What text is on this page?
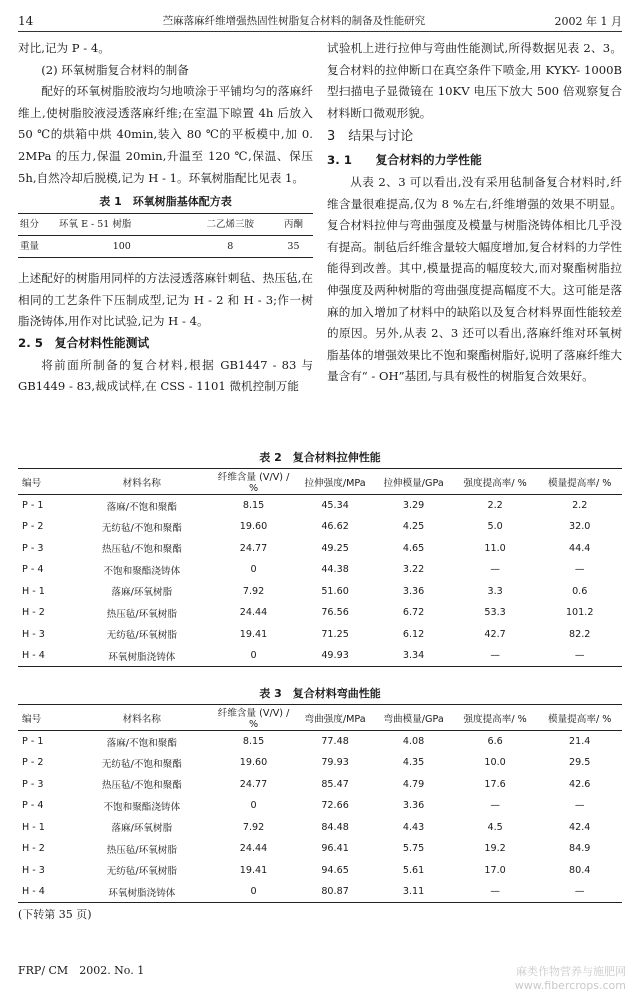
14	苎麻落麻纤维增强热固性树脂复合材料的制备及性能研究	2002 年 1 月

对比,记为 P - 4。

(2) 环氧树脂复合材料的制备

配好的环氧树脂胶液均匀地喷涂于平铺均匀的落麻纤维上,使树脂胶液浸透落麻纤维;在室温下晾置 4h 后放入 50 ℃的烘箱中烘 40min,装入 80 ℃的平板模中,加 0. 2MPa 的压力,保温 20min,升温至 120 ℃,保温、保压 5h,自然冷却后脱模,记为 H - 1。环氧树脂配比见表 1。

表 1　环氧树脂基体配方表
组分	环氧 E - 51 树脂	二乙烯三胺	丙酮
重量	100	8	35

上述配好的树脂用同样的方法浸透落麻针刺毡、热压毡,在相同的工艺条件下压制成型,记为 H - 2 和 H - 3;作一树脂浇铸体,用作对比试验,记为 H - 4。

2. 5　复合材料性能测试

将前面所制备的复合材料,根据 GB1447 - 83 与 GB1449 - 83,裁成试样,在 CSS - 1101 微机控制万能

试验机上进行拉伸与弯曲性能测试,所得数据见表 2、3。复合材料的拉伸断口在真空条件下喷金,用 KYKY- 1000B 型扫描电子显微镜在 10KV 电压下放大 500 倍观察复合材料断口微观形貌。

3　结果与讨论

3. 1　　复合材料的力学性能

从表 2、3 可以看出,没有采用毡制备复合材料时,纤维含量很难提高,仅为 8 %左右,纤维增强的效果不明显。复合材料拉伸与弯曲强度及模量与树脂浇铸体相比几乎没有提高。制毡后纤维含量较大幅度增加,复合材料的力学性能得到改善。其中,模量提高的幅度较大,而对聚酯树脂拉伸强度及两种树脂的弯曲强度提高幅度不大。这可能是落麻的加入增加了材料中的缺陷以及复合材料界面性能较差的原因。另外,从表 2、3 还可以看出,落麻纤维对环氧树脂基体的增强效果比不饱和聚酯树脂好,说明了落麻纤维大量含有“ - OH”基团,与具有极性的树脂复合效果好。

表 2　复合材料拉伸性能
编号	材料名称	纤维含量 (V/V) / %	拉伸强度/MPa	拉伸模量/GPa	强度提高率/ %	模量提高率/ %
P - 1	落麻/不饱和聚酯	8.15	45.34	3.29	2.2	2.2
P - 2	无纺毡/不饱和聚酯	19.60	46.62	4.25	5.0	32.0
P - 3	热压毡/不饱和聚酯	24.77	49.25	4.65	11.0	44.4
P - 4	不饱和聚酯浇铸体	0	44.38	3.22	—	—
H - 1	落麻/环氧树脂	7.92	51.60	3.36	3.3	0.6
H - 2	热压毡/环氧树脂	24.44	76.56	6.72	53.3	101.2
H - 3	无纺毡/环氧树脂	19.41	71.25	6.12	42.7	82.2
H - 4	环氧树脂浇铸体	0	49.93	3.34	—	—
表 3　复合材料弯曲性能
编号	材料名称	纤维含量 (V/V) / %	弯曲强度/MPa	弯曲模量/GPa	强度提高率/ %	模量提高率/ %
P - 1	落麻/不饱和聚酯	8.15	77.48	4.08	6.6	21.4
P - 2	无纺毡/不饱和聚酯	19.60	79.93	4.35	10.0	29.5
P - 3	热压毡/不饱和聚酯	24.77	85.47	4.79	17.6	42.6
P - 4	不饱和聚酯浇铸体	0	72.66	3.36	—	—
H - 1	落麻/环氧树脂	7.92	84.48	4.43	4.5	42.4
H - 2	热压毡/环氧树脂	24.44	96.41	5.75	19.2	84.9
H - 3	无纺毡/环氧树脂	19.41	94.65	5.61	17.0	80.4
H - 4	环氧树脂浇铸体	0	80.87	3.11	—	—
(下转第 35 页)
FRP/ CM　2002. No. 1	麻类作物营养与施肥网
www.fibercrops.com
